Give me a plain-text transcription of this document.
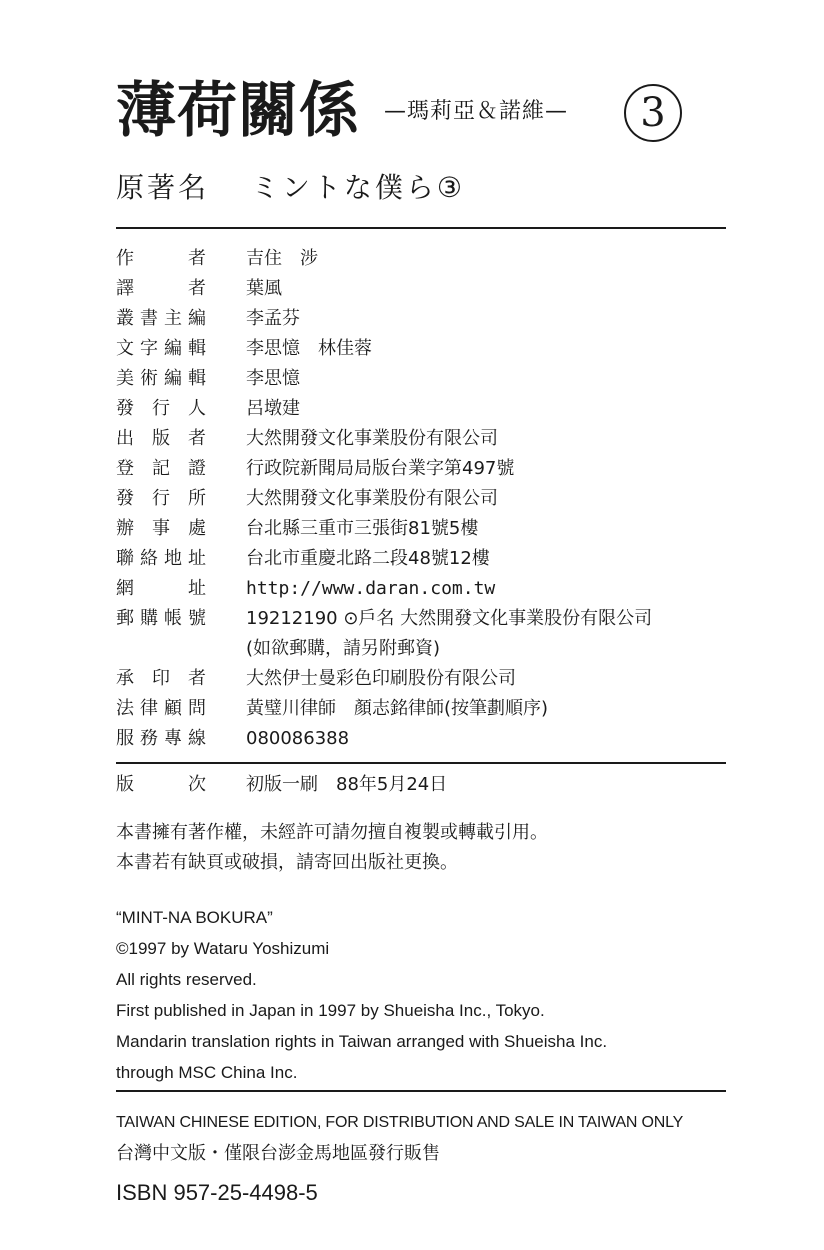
薄荷關係 —瑪莉亞＆諾維—	3
原著名 ミントな僕ら③
作　者 吉住　涉
譯　者 葉風
叢書主編 李孟芬
文字編輯 李思憶　林佳蓉
美術編輯 李思憶
發行人 呂墩建
出版者 大然開發文化事業股份有限公司
登記證 行政院新聞局局版台業字第497號
發行所 大然開發文化事業股份有限公司
辦事處 台北縣三重市三張街81號5樓
聯絡地址 台北市重慶北路二段48號12樓
網　址 http://www.daran.com.tw
郵購帳號 19212190 ⊙戶名 大然開發文化事業股份有限公司
(如欲郵購，請另附郵資)
承印者 大然伊士曼彩色印刷股份有限公司
法律顧問 黃璧川律師　顏志銘律師(按筆劃順序)
服務專線 080086388
版　次 初版一刷　88年5月24日
本書擁有著作權，未經許可請勿擅自複製或轉載引用。
本書若有缺頁或破損，請寄回出版社更換。
“MINT-NA BOKURA”
©1997 by Wataru Yoshizumi
All rights reserved.
First published in Japan in 1997 by Shueisha Inc., Tokyo.
Mandarin translation rights in Taiwan arranged with Shueisha Inc.
through MSC China Inc.
TAIWAN CHINESE EDITION, FOR DISTRIBUTION AND SALE IN TAIWAN ONLY
台灣中文版・僅限台澎金馬地區發行販售
ISBN 957-25-4498-5
